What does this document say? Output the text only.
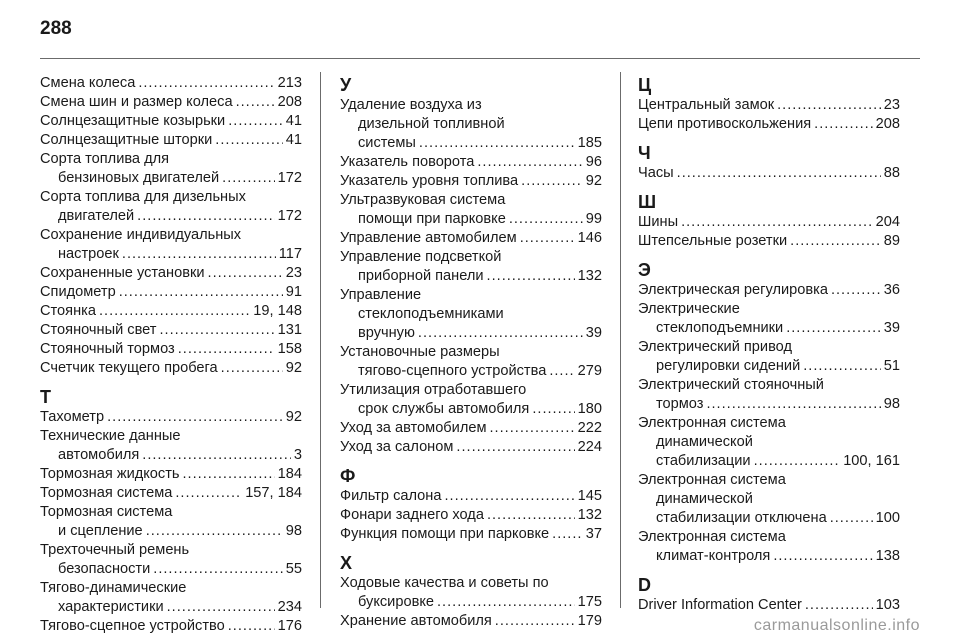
288
Смена колеса .....	213
Смена шин и размер колеса .....	208
Солнцезащитные козырьки .....	41
Солнцезащитные шторки .....	41
Сорта топлива для
бензиновых двигателей .....	172
Сорта топлива для дизельных
двигателей .....	172
Сохранение индивидуальных
настроек .....	117
Сохраненные установки .....	23
Спидометр .....	91
Стоянка .....	19, 148
Стояночный свет .....	131
Стояночный тормоз .....	158
Счетчик текущего пробега .....	92
Т
Тахометр .....	92
Технические данные
автомобиля .....	3
Тормозная жидкость .....	184
Тормозная система .....	157, 184
Тормозная система
и сцепление .....	98
Трехточечный ремень
безопасности .....	55
Тягово-динамические
характеристики .....	234
Тягово-сцепное устройство .....	176
У
Удаление воздуха из
дизельной топливной
системы .....	185
Указатель поворота .....	96
Указатель уровня топлива .....	92
Ультразвуковая система
помощи при парковке .....	99
Управление автомобилем .....	146
Управление подсветкой
приборной панели .....	132
Управление
стеклоподъемниками
вручную .....	39
Установочные размеры
тягово-сцепного устройства ..... 279
Утилизация отработавшего
срок службы автомобиля .....	180
Уход за автомобилем .....	222
Уход за салоном .....	224
Ф
Фильтр салона .....	145
Фонари заднего хода .....	132
Функция помощи при парковке .....	37
Х
Ходовые качества и советы по
буксировке .....	175
Хранение автомобиля .....	179
Ц
Центральный замок .....	23
Цепи противоскольжения .....	208
Ч
Часы .....	88
Ш
Шины .....	204
Штепсельные розетки .....	89
Э
Электрическая регулировка .....	36
Электрические
стеклоподъемники .....	39
Электрический привод
регулировки сидений .....	51
Электрический стояночный
тормоз .....	98
Электронная система
динамической
стабилизации .....	100, 161
Электронная система
динамической
стабилизации отключена .....	100
Электронная система
климат-контроля .....	138
D
Driver Information Center .....	103
carmanualsonline.info
